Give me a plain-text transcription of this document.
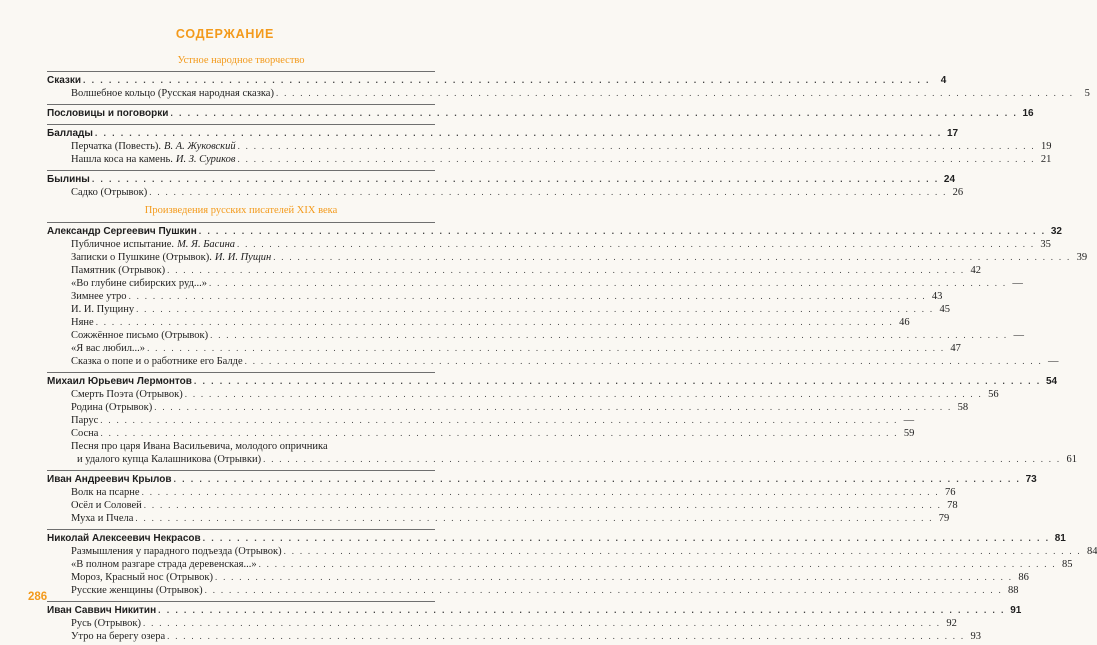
СОДЕРЖАНИЕ
Устное народное творчество
Сказки . . .	4
Волшебное кольцо (Русская народная сказка) . . .	5
Пословицы и поговорки . . .	16
Баллады . . .	17
Перчатка (Повесть). В. А. Жуковский . . .	19
Нашла коса на камень. И. З. Суриков . . .	21
Былины . . .	24
Садко (Отрывок) . . .	26
Произведения русских писателей XIX века
Александр Сергеевич Пушкин . . .	32
Публичное испытание. М. Я. Басина . . .	35
Записки о Пушкине (Отрывок). И. И. Пущин . . .	39
Памятник (Отрывок) . . .	42
«Во глубине сибирских руд...» . . .	—
Зимнее утро . . .	43
И. И. Пущину . . .	45
Няне . . .	46
Сожжённое письмо (Отрывок) . . .	—
«Я вас любил...» . . .	47
Сказка о попе и о работнике его Балде . . .	—
Михаил Юрьевич Лермонтов . . .	54
Смерть Поэта (Отрывок) . . .	56
Родина (Отрывок) . . .	58
Парус . . .	—
Сосна . . .	59
Песня про царя Ивана Васильевича, молодого опричника
и удалого купца Калашникова (Отрывки) . . .	61
Иван Андреевич Крылов . . .	73
Волк на псарне . . .	76
Осёл и Соловей . . .	78
Муха и Пчела . . .	79
Николай Алексеевич Некрасов . . .	81
Размышления у парадного подъезда (Отрывок) . . .	84
«В полном разгаре страда деревенская...» . . .	85
Мороз, Красный нос (Отрывок) . . .	86
Русские женщины (Отрывок) . . .	88
Иван Саввич Никитин . . .	91
Русь (Отрывок) . . .	92
Утро на берегу озера . . .	93
286
